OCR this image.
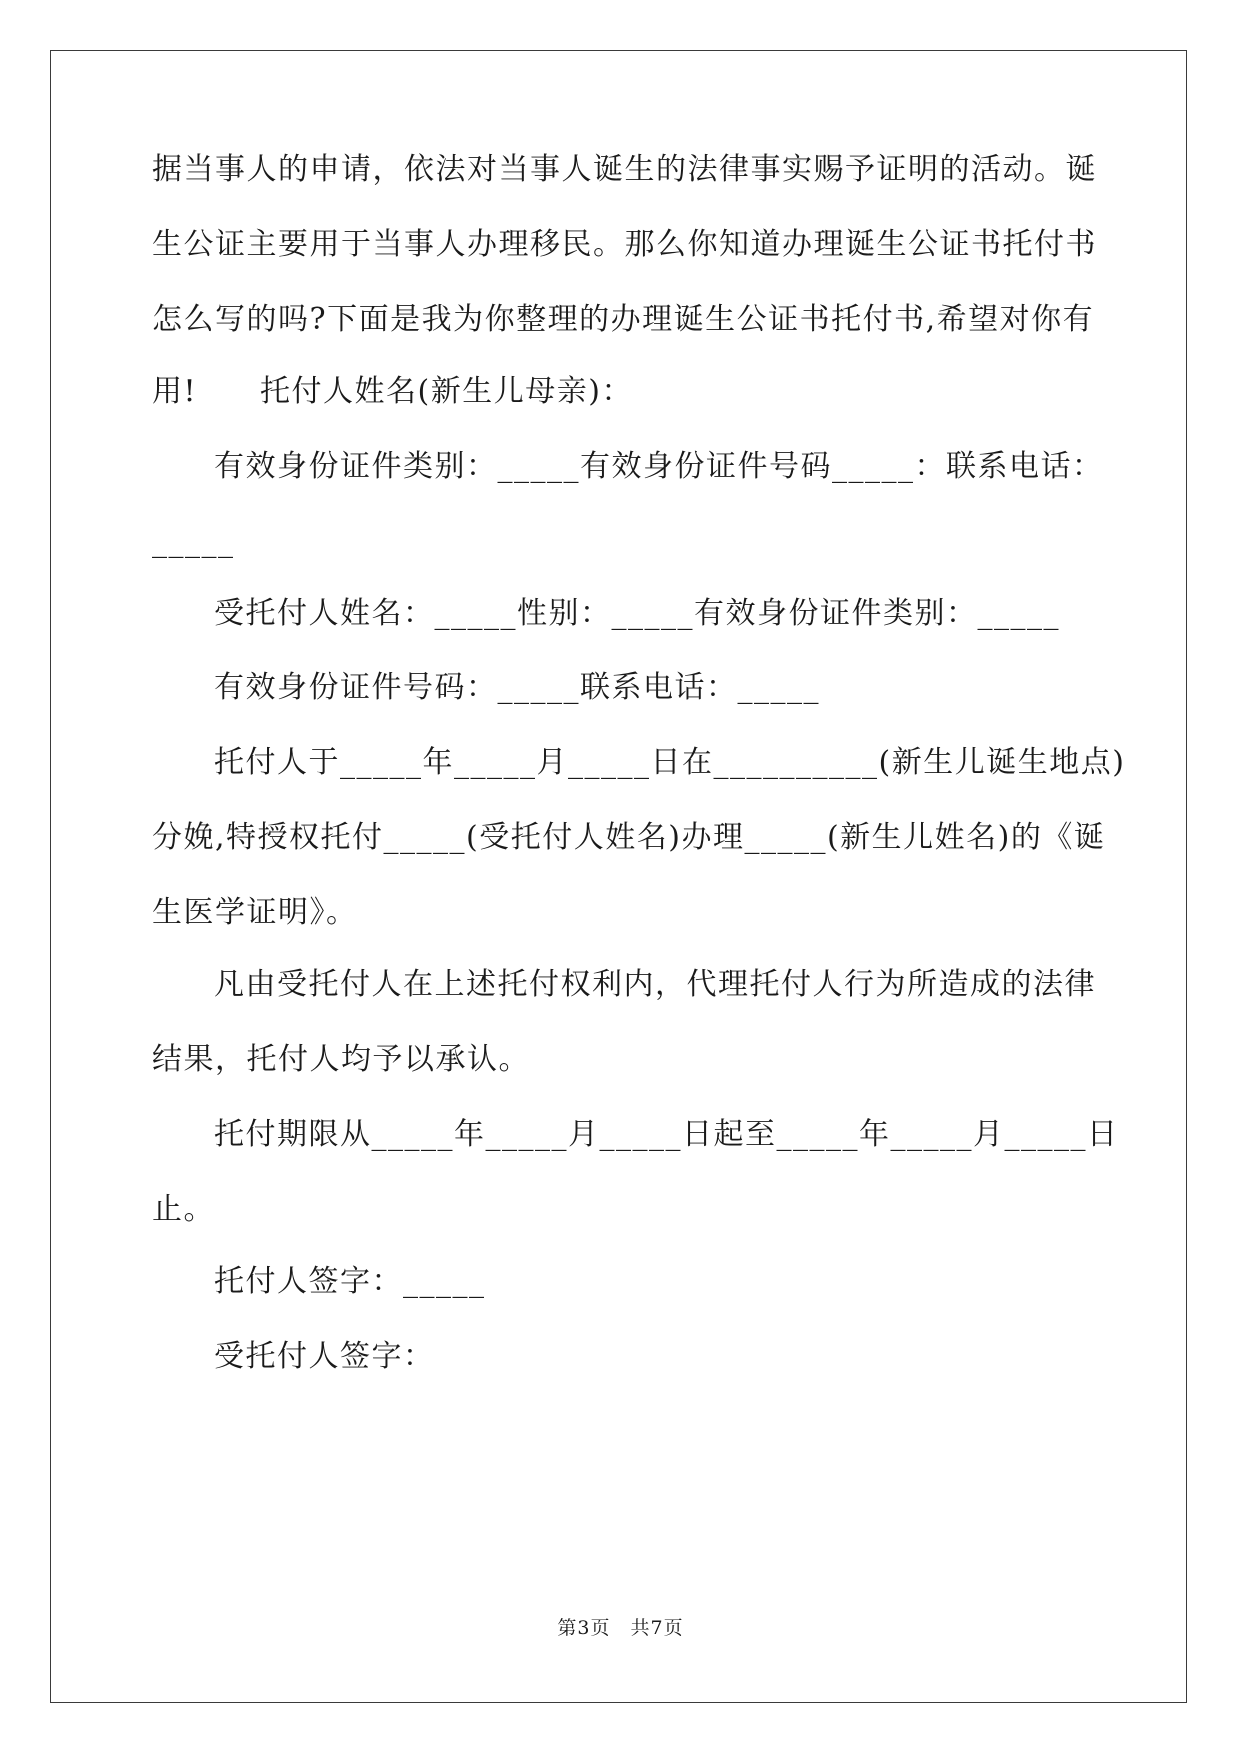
据当事人的申请，依法对当事人诞生的法律事实赐予证明的活动。诞
生公证主要用于当事人办理移民。那么你知道办理诞生公证书托付书
怎么写的吗?下面是我为你整理的办理诞生公证书托付书,希望对你有
用!　　托付人姓名(新生儿母亲)：
有效身份证件类别：_____有效身份证件号码_____：联系电话：
_____
受托付人姓名：_____性别：_____有效身份证件类别：_____
有效身份证件号码：_____联系电话：_____
托付人于_____年_____月_____日在__________(新生儿诞生地点)
分娩,特授权托付_____(受托付人姓名)办理_____(新生儿姓名)的《诞
生医学证明》。
凡由受托付人在上述托付权利内，代理托付人行为所造成的法律
结果，托付人均予以承认。
托付期限从_____年_____月_____日起至_____年_____月_____日
止。
托付人签字：_____
受托付人签字：
第3页　共7页
